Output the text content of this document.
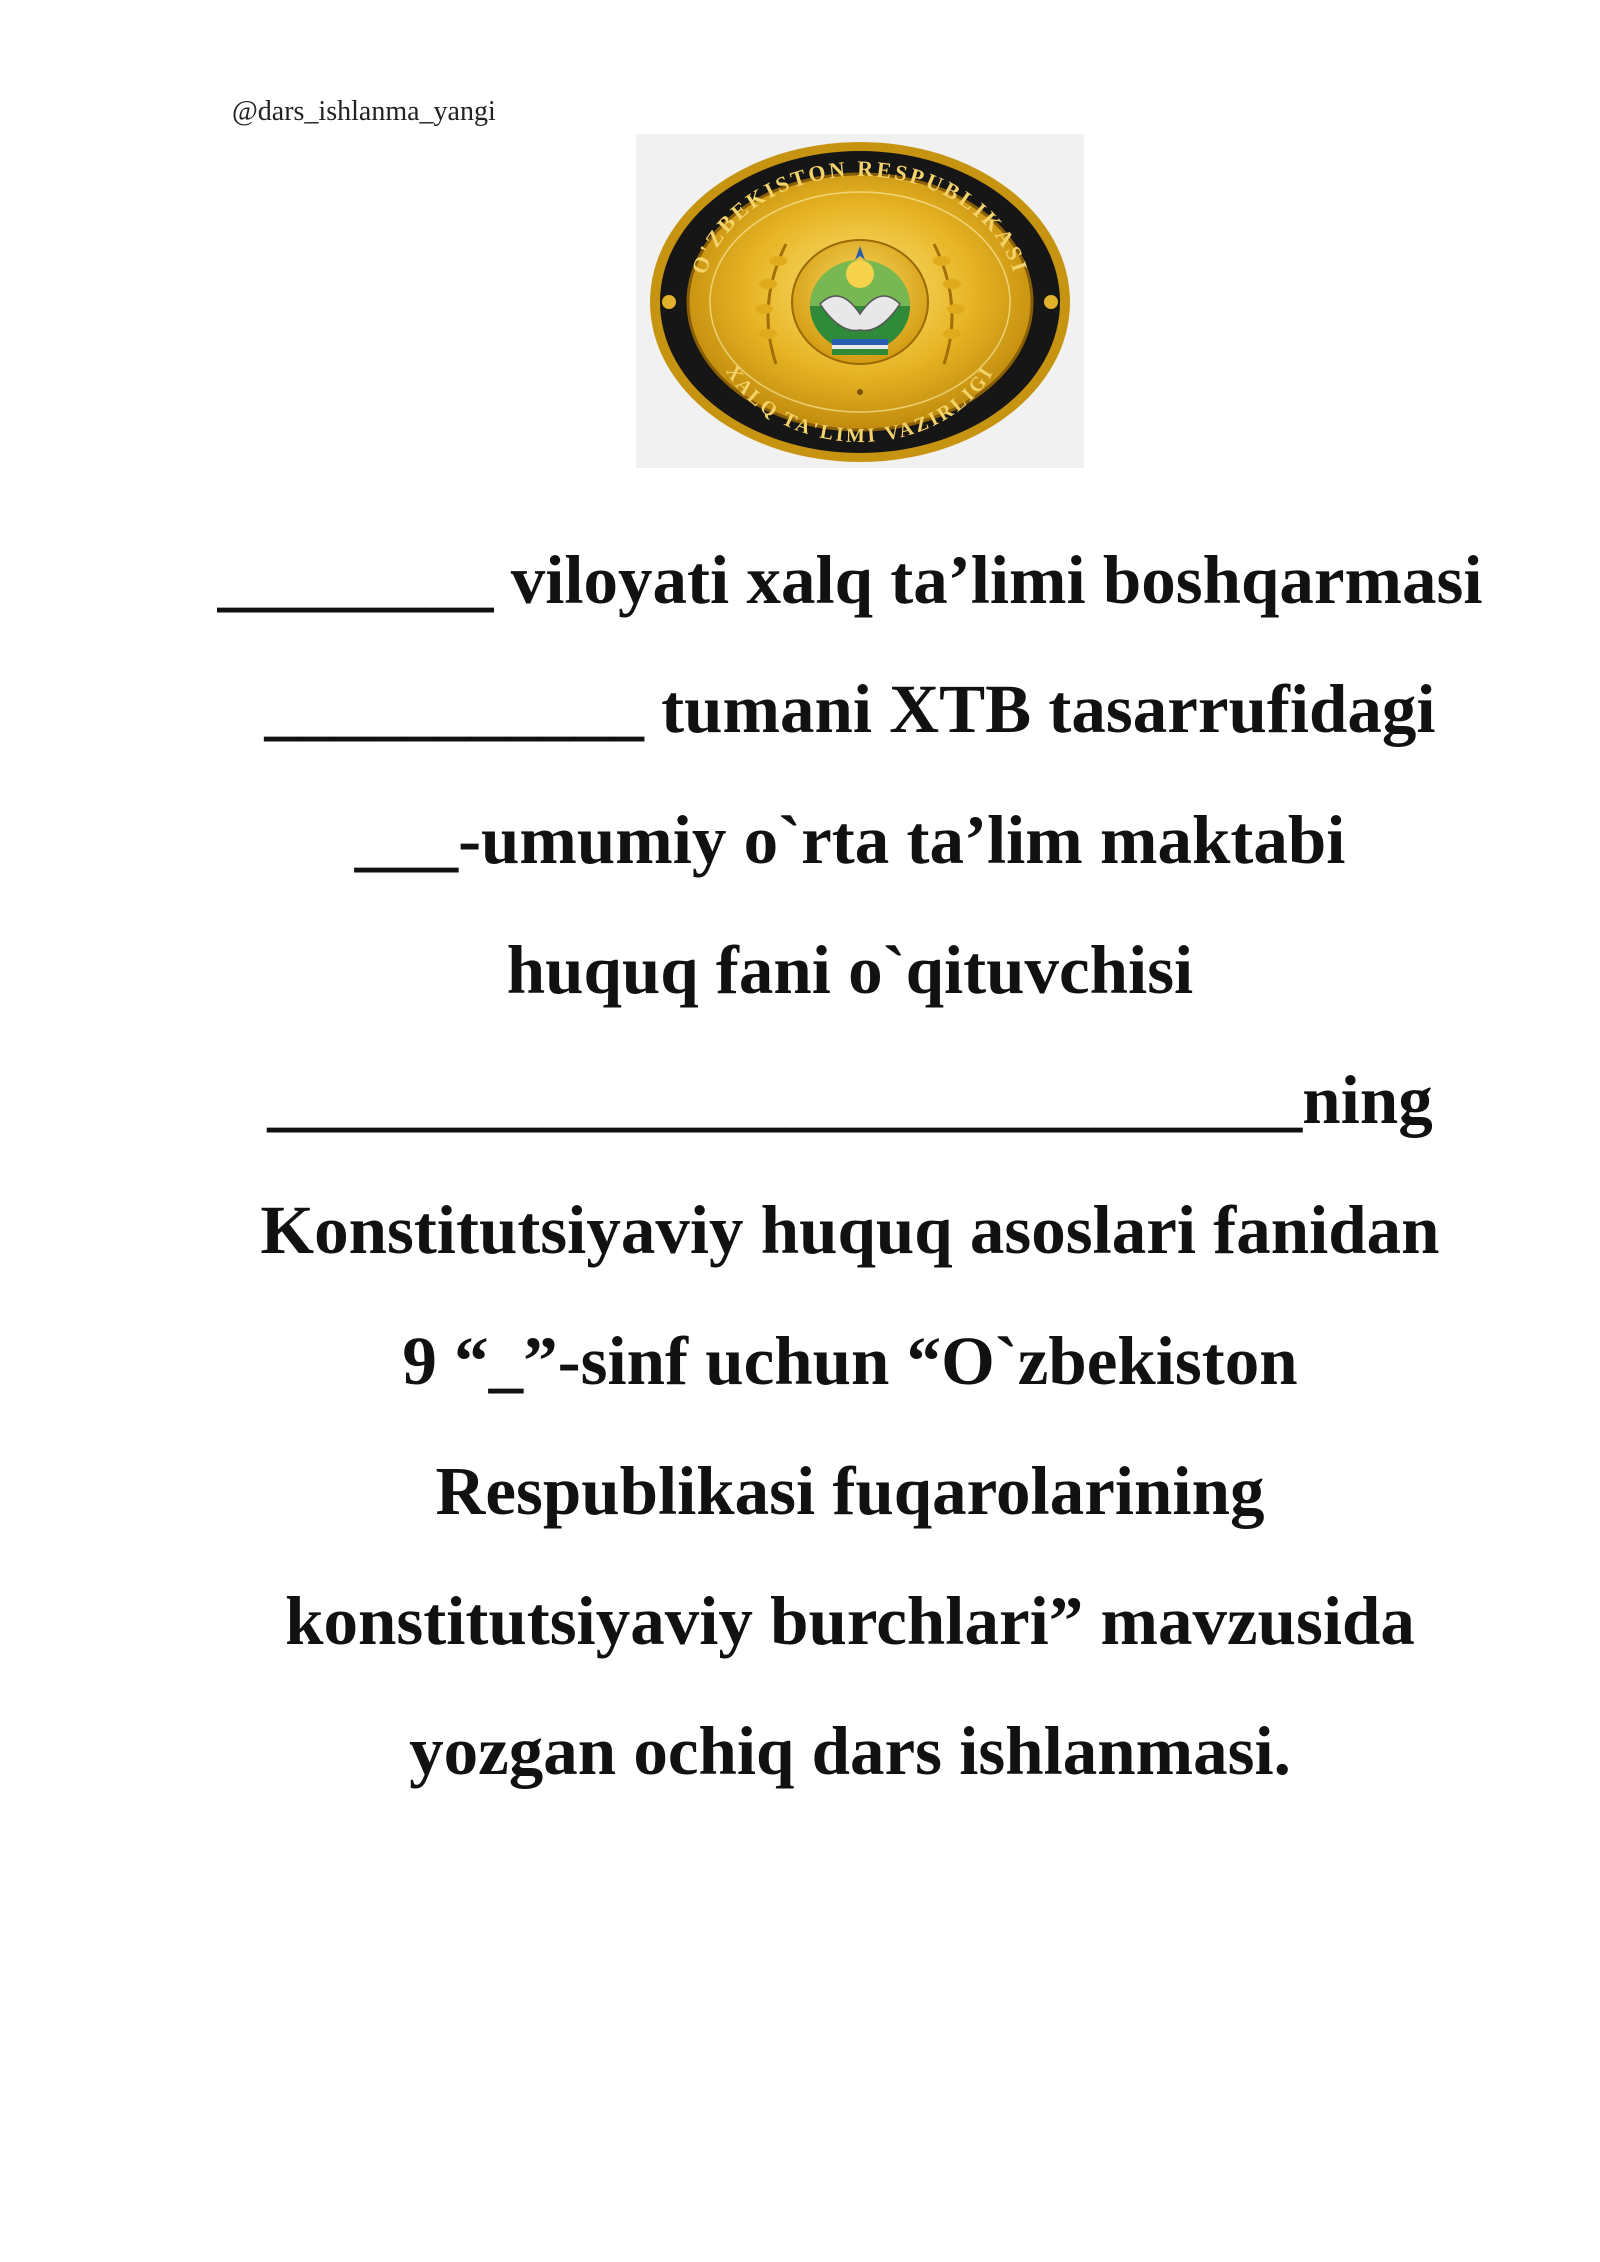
@dars_ishlanma_yangi
O'ZBEKISTON RESPUBLIKASI
XALQ TA'LIMI VAZIRLIGI
________ viloyati xalq ta’limi boshqarmasi
___________ tumani XTB tasarrufidagi
___-umumiy o`rta ta’lim maktabi
huquq fani o`qituvchisi
______________________________ning
Konstitutsiyaviy huquq asoslari fanidan
9 “_”-sinf uchun “O`zbekiston
Respublikasi fuqarolarining
konstitutsiyaviy burchlari” mavzusida
yozgan ochiq dars ishlanmasi.
